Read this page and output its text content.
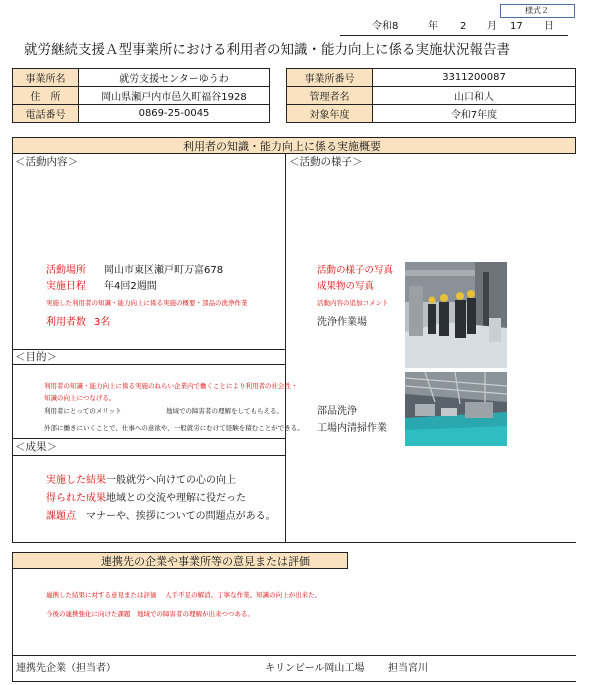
様式２
令和8	年 2 月 17 日
就労継続支援Ａ型事業所における利用者の知識・能力向上に係る実施状況報告書
事業所名	就労支援センターゆうわ
住　所	岡山県瀬戸内市邑久町福谷1928
電話番号	0869-25-0045
事業所番号	3311200087
管理者名	山口和人
対象年度	令和7年度
利用者の知識・能力向上に係る実施概要
＜活動内容＞	＜活動の様子＞
活動場所 岡山市東区瀬戸町万富678
実施日程 年4回2週間
実施した利用者の知識・能力向上に係る実施の概要・部品の洗浄作業
利用者数 3名
活動の様子の写真
成果物の写真
活動内容の追加コメント
洗浄作業場
＜目的＞
利用者の知識・能力向上に係る実施のねらい企業内で働くことにより利用者の社会性・
知識の向上につなげる。
利用者にとってのメリット	地域での障害者の理解をしてもらえる。
外部に働きにいくことで、仕事への意欲や、一般就労にむけて経験を積むことができる。
部品洗浄
工場内清掃作業
＜成果＞
実施した結果 一般就労へ向けての心の向上
得られた成果 地域との交流や理解に役だった
課題点 マナーや、挨拶についての問題点がある。
連携先の企業や事業所等の意見または評価
連携した結果に対する意見または評価　 人手不足の解消。丁寧な作業。知識の向上が出来た。
今後の連携強化に向けた課題　地域での障害者の理解が出来つつある。
連携先企業（担当者）	キリンビール岡山工場 担当宮川
